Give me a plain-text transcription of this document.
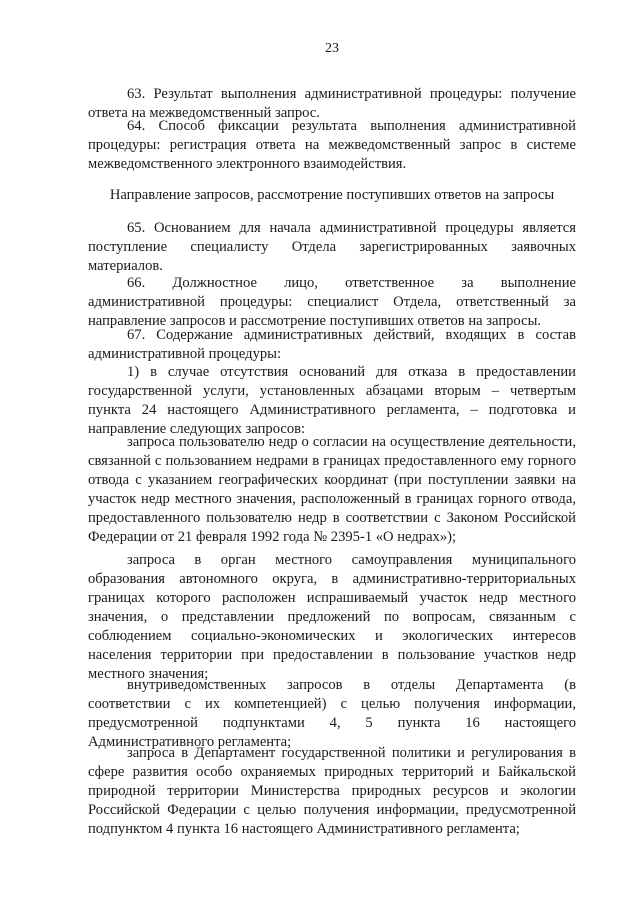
23

63. Результат выполнения административной процедуры: получение ответа на межведомственный запрос.

64. Способ фиксации результата выполнения административной процедуры: регистрация ответа на межведомственный запрос в системе межведомственного электронного взаимодействия.

Направление запросов, рассмотрение поступивших ответов на запросы

65. Основанием для начала административной процедуры является поступление специалисту Отдела зарегистрированных заявочных материалов.

66. Должностное лицо, ответственное за выполнение административной процедуры: специалист Отдела, ответственный за направление запросов и рассмотрение поступивших ответов на запросы.

67. Содержание административных действий, входящих в состав административной процедуры:

1) в случае отсутствия оснований для отказа в предоставлении государственной услуги, установленных абзацами вторым – четвертым пункта 24 настоящего Административного регламента, – подготовка и направление следующих запросов:

запроса пользователю недр о согласии на осуществление деятельности, связанной с пользованием недрами в границах предоставленного ему горного отвода с указанием географических координат (при поступлении заявки на участок недр местного значения, расположенный в границах горного отвода, предоставленного пользователю недр в соответствии с Законом Российской Федерации от 21 февраля 1992 года № 2395-1 «О недрах»);

запроса в орган местного самоуправления муниципального образования автономного округа, в административно-территориальных границах которого расположен испрашиваемый участок недр местного значения, о представлении предложений по вопросам, связанным с соблюдением социально-экономических и экологических интересов населения территории при предоставлении в пользование участков недр местного значения;

внутриведомственных запросов в отделы Департамента (в соответствии с их компетенцией) с целью получения информации, предусмотренной подпунктами 4, 5 пункта 16 настоящего Административного регламента;

запроса в Департамент государственной политики и регулирования в сфере развития особо охраняемых природных территорий и Байкальской природной территории Министерства природных ресурсов и экологии Российской Федерации с целью получения информации, предусмотренной подпунктом 4 пункта 16 настоящего Административного регламента;
